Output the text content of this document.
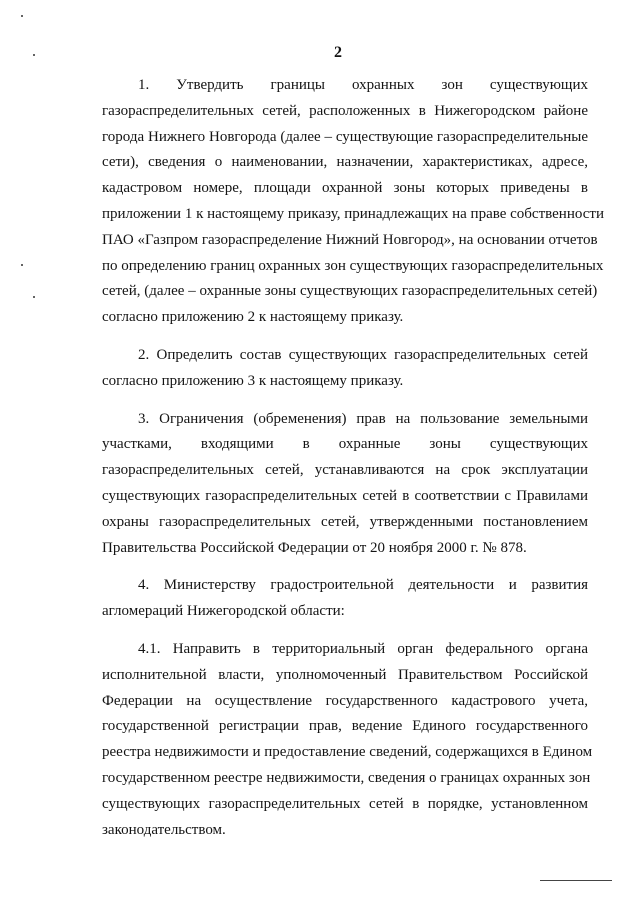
2

1. Утвердить границы охранных зон существующих
газораспределительных сетей, расположенных в Нижегородском районе
города Нижнего Новгорода (далее – существующие газораспределительные
сети), сведения о наименовании, назначении, характеристиках, адресе,
кадастровом номере, площади охранной зоны которых приведены в
приложении 1 к настоящему приказу, принадлежащих на праве собственности
ПАО «Газпром газораспределение Нижний Новгород», на основании отчетов
по определению границ охранных зон существующих газораспределительных
сетей, (далее – охранные зоны существующих газораспределительных сетей)
согласно приложению 2 к настоящему приказу.

2. Определить состав существующих газораспределительных сетей
согласно приложению 3 к настоящему приказу.

3. Ограничения (обременения) прав на пользование земельными
участками, входящими в охранные зоны существующих
газораспределительных сетей, устанавливаются на срок эксплуатации
существующих газораспределительных сетей в соответствии с Правилами
охраны газораспределительных сетей, утвержденными постановлением
Правительства Российской Федерации от 20 ноября 2000 г. № 878.

4. Министерству градостроительной деятельности и развития
агломераций Нижегородской области:

4.1. Направить в территориальный орган федерального органа
исполнительной власти, уполномоченный Правительством Российской
Федерации на осуществление государственного кадастрового учета,
государственной регистрации прав, ведение Единого государственного
реестра недвижимости и предоставление сведений, содержащихся в Едином
государственном реестре недвижимости, сведения о границах охранных зон
существующих газораспределительных сетей в порядке, установленном
законодательством.
